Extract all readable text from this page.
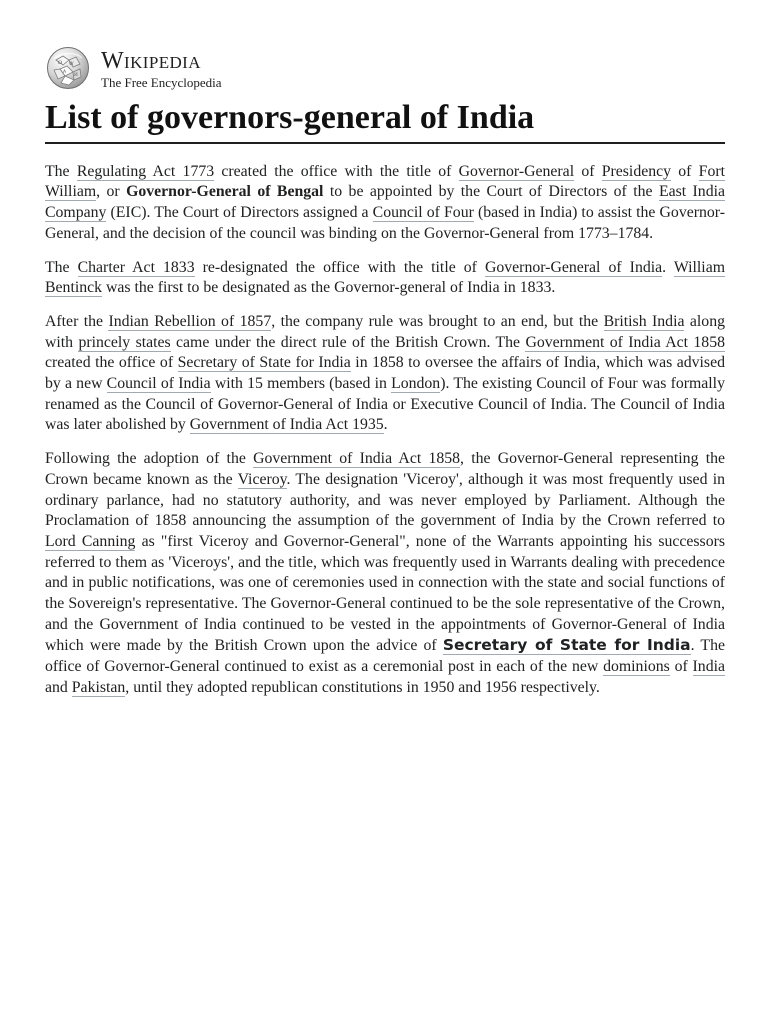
Ω W
A
И
Wikipedia
The Free Encyclopedia
List of governors-general of India

The Regulating Act 1773 created the office with the title of Governor-General of Presidency of Fort William, or Governor-General of Bengal to be appointed by the Court of Directors of the East India Company (EIC). The Court of Directors assigned a Council of Four (based in India) to assist the Governor-General, and the decision of the council was binding on the Governor-General from 1773–1784.

The Charter Act 1833 re-designated the office with the title of Governor-General of India. William Bentinck was the first to be designated as the Governor-general of India in 1833.

After the Indian Rebellion of 1857, the company rule was brought to an end, but the British India along with princely states came under the direct rule of the British Crown. The Government of India Act 1858 created the office of Secretary of State for India in 1858 to oversee the affairs of India, which was advised by a new Council of India with 15 members (based in London). The existing Council of Four was formally renamed as the Council of Governor-General of India or Executive Council of India. The Council of India was later abolished by Government of India Act 1935.

Following the adoption of the Government of India Act 1858, the Governor-General representing the Crown became known as the Viceroy. The designation 'Viceroy', although it was most frequently used in ordinary parlance, had no statutory authority, and was never employed by Parliament. Although the Proclamation of 1858 announcing the assumption of the government of India by the Crown referred to Lord Canning as "first Viceroy and Governor-General", none of the Warrants appointing his successors referred to them as 'Viceroys', and the title, which was frequently used in Warrants dealing with precedence and in public notifications, was one of ceremonies used in connection with the state and social functions of the Sovereign's representative. The Governor-General continued to be the sole representative of the Crown, and the Government of India continued to be vested in the appointments of Governor-General of India which were made by the British Crown upon the advice of Secretary of State for India. The office of Governor-General continued to exist as a ceremonial post in each of the new dominions of India and Pakistan, until they adopted republican constitutions in 1950 and 1956 respectively.
